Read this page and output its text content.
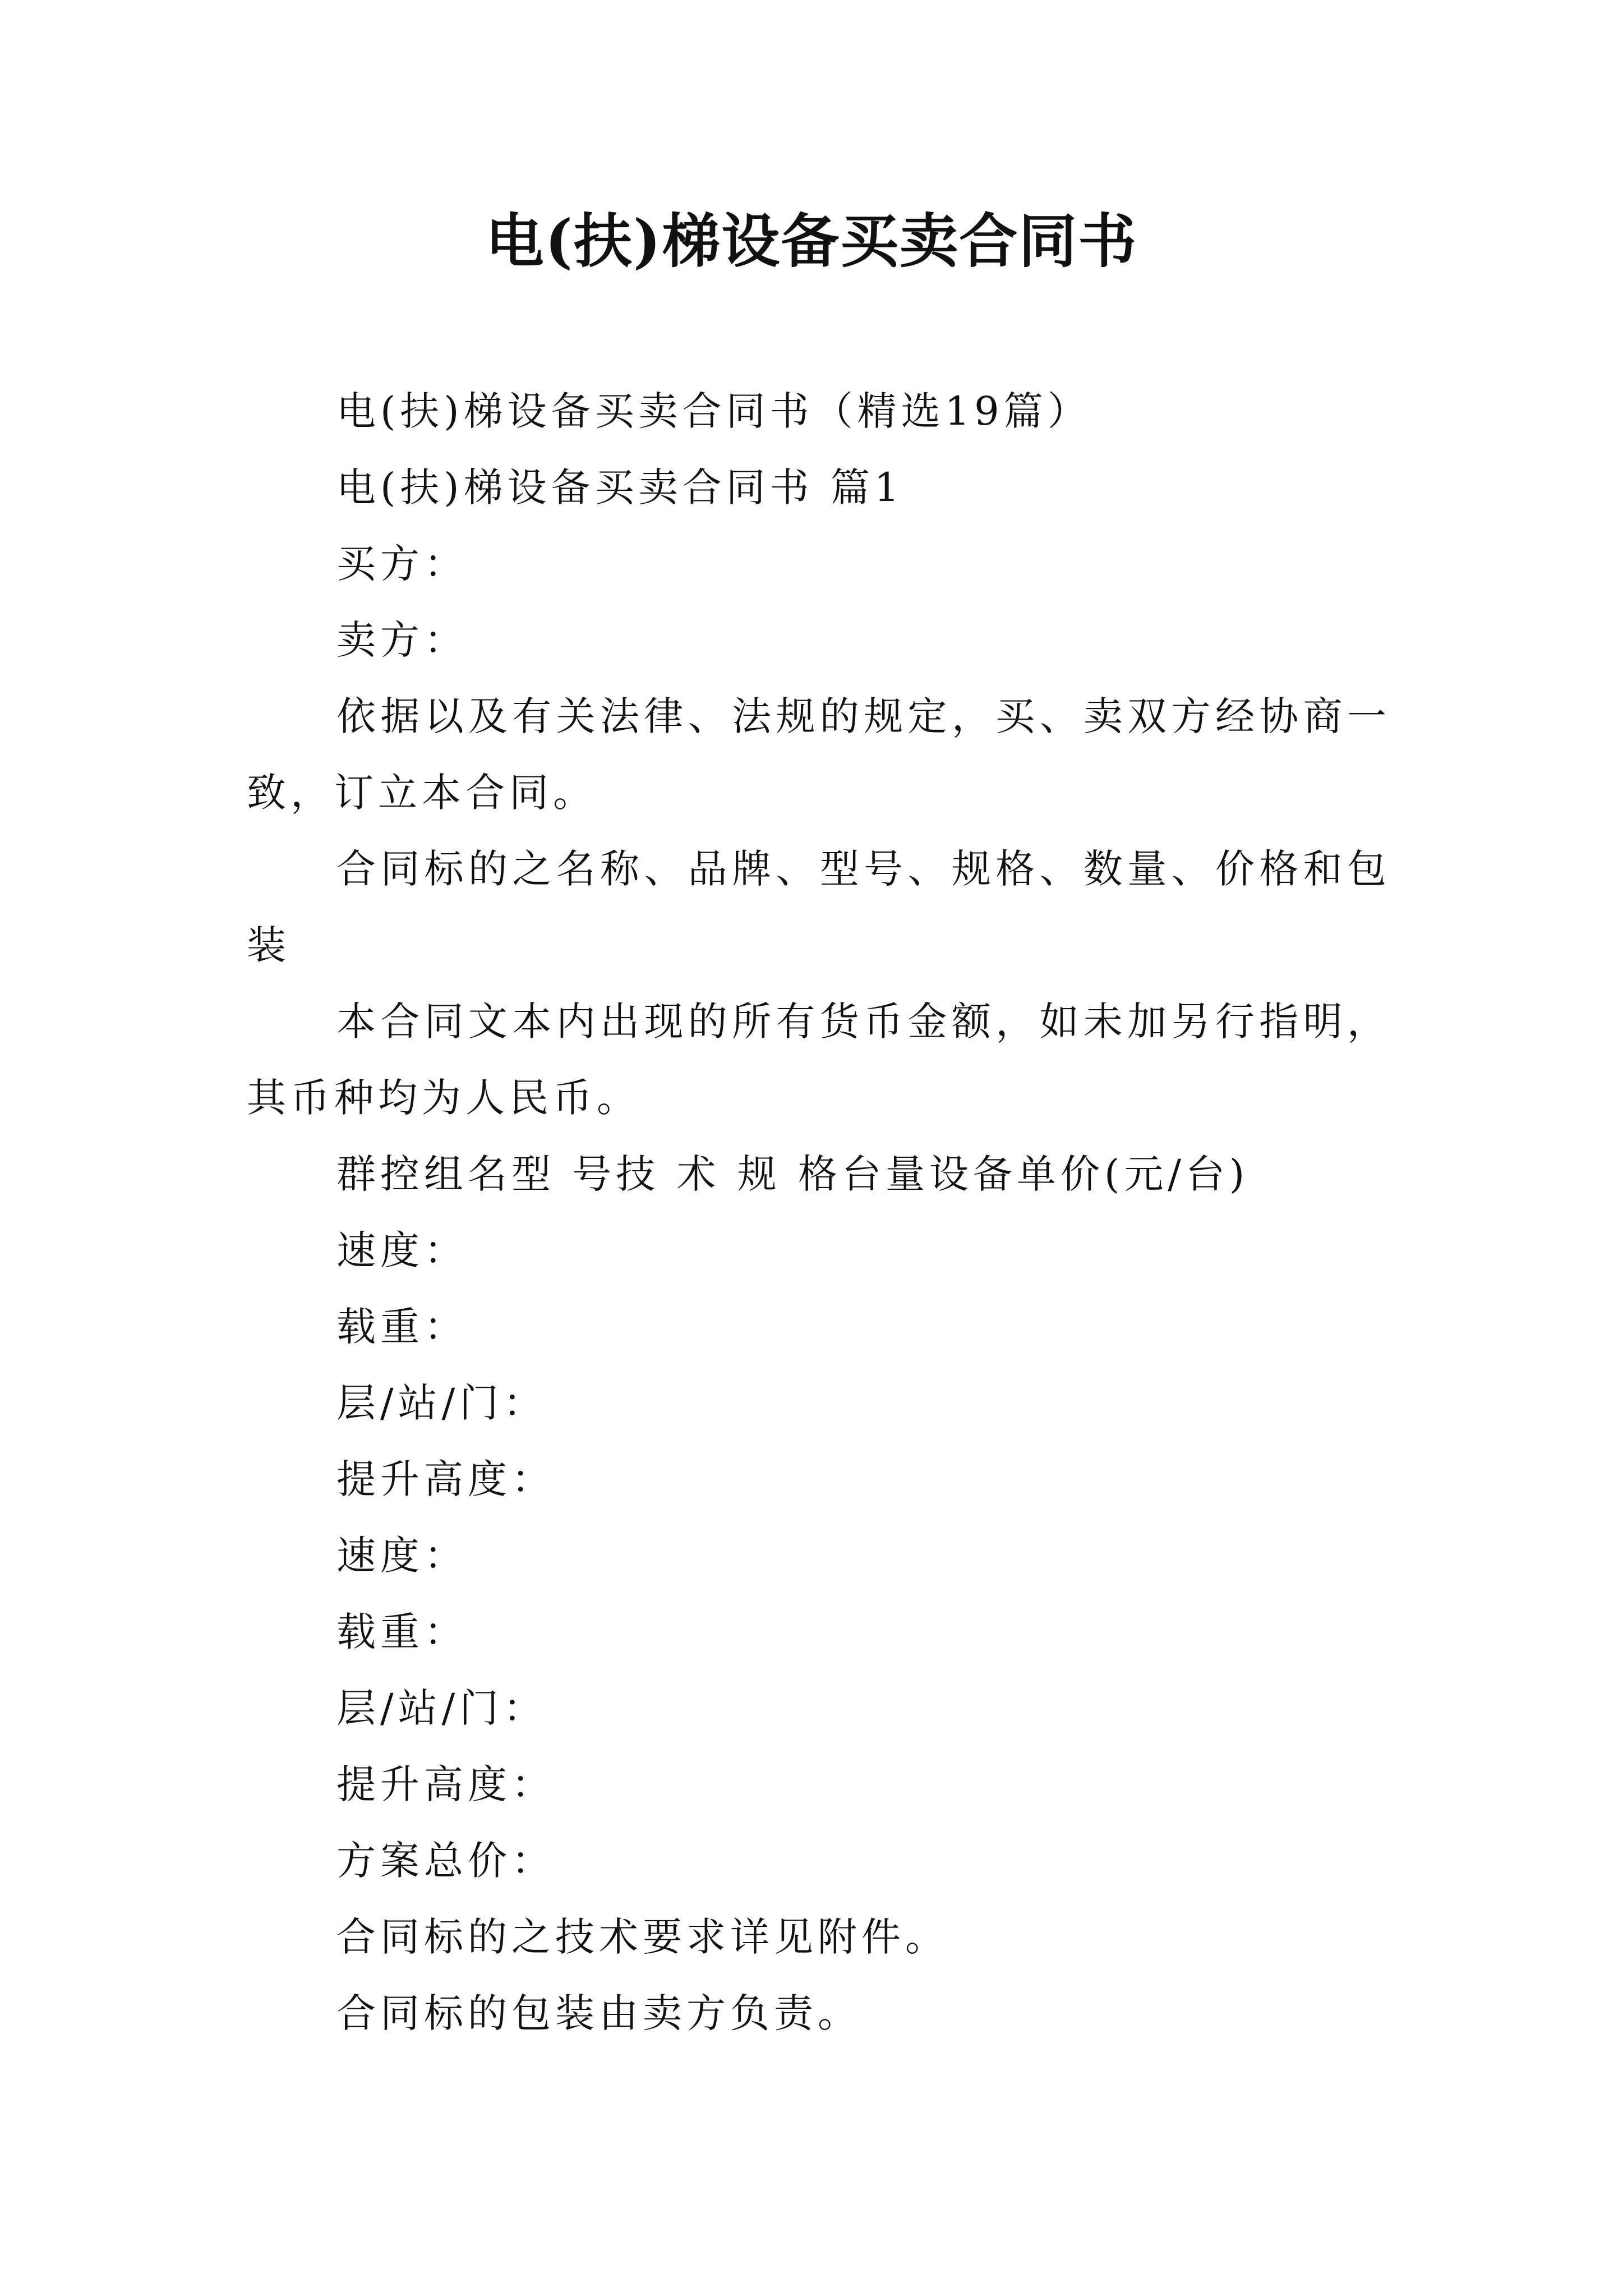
电(扶)梯设备买卖合同书

电(扶)梯设备买卖合同书（精选19篇）

电(扶)梯设备买卖合同书 篇1

买方：

卖方：

依据以及有关法律、法规的规定，买、卖双方经协商一致，订立本合同。

合同标的之名称、品牌、型号、规格、数量、价格和包装

本合同文本内出现的所有货币金额，如未加另行指明，其币种均为人民币。

群控组名型 号技 术 规 格台量设备单价(元/台)

速度：

载重：

层/站/门：

提升高度：

速度：

载重：

层/站/门：

提升高度：

方案总价：

合同标的之技术要求详见附件。

合同标的包装由卖方负责。
